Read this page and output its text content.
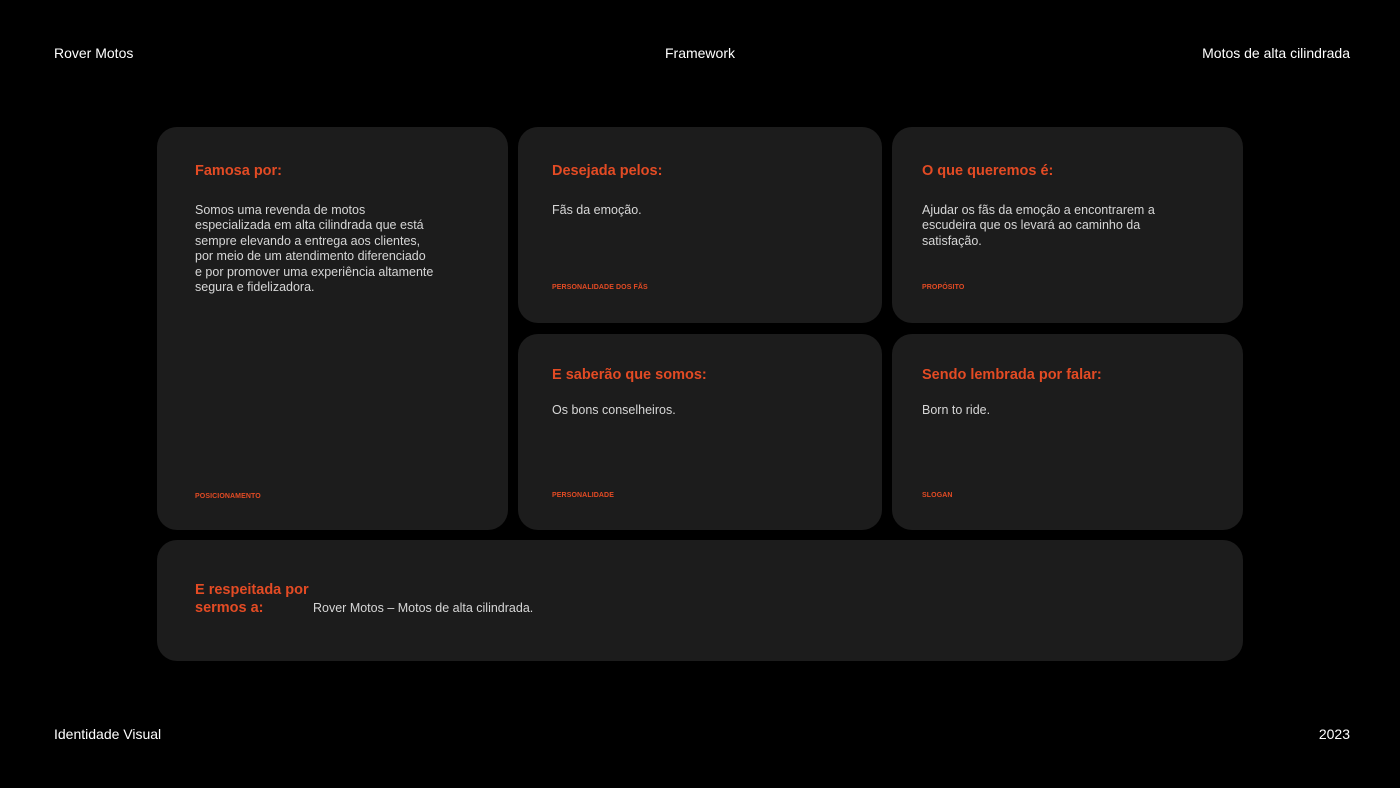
Rover Motos	Framework	Motos de alta cilindrada
Famosa por:
Somos uma revenda de motos especializada em alta cilindrada que está sempre elevando a entrega aos clientes, por meio de um atendimento diferenciado e por promover uma experiência altamente segura e fidelizadora.
POSICIONAMENTO
Desejada pelos:
Fãs da emoção.
PERSONALIDADE DOS FÃS
O que queremos é:
Ajudar os fãs da emoção a encontrarem a escudeira que os levará ao caminho da satisfação.
PROPÓSITO
E saberão que somos:
Os bons conselheiros.
PERSONALIDADE
Sendo lembrada por falar:
Born to ride.
SLOGAN
E respeitada por sermos a:	Rover Motos – Motos de alta cilindrada.
Identidade Visual	2023
